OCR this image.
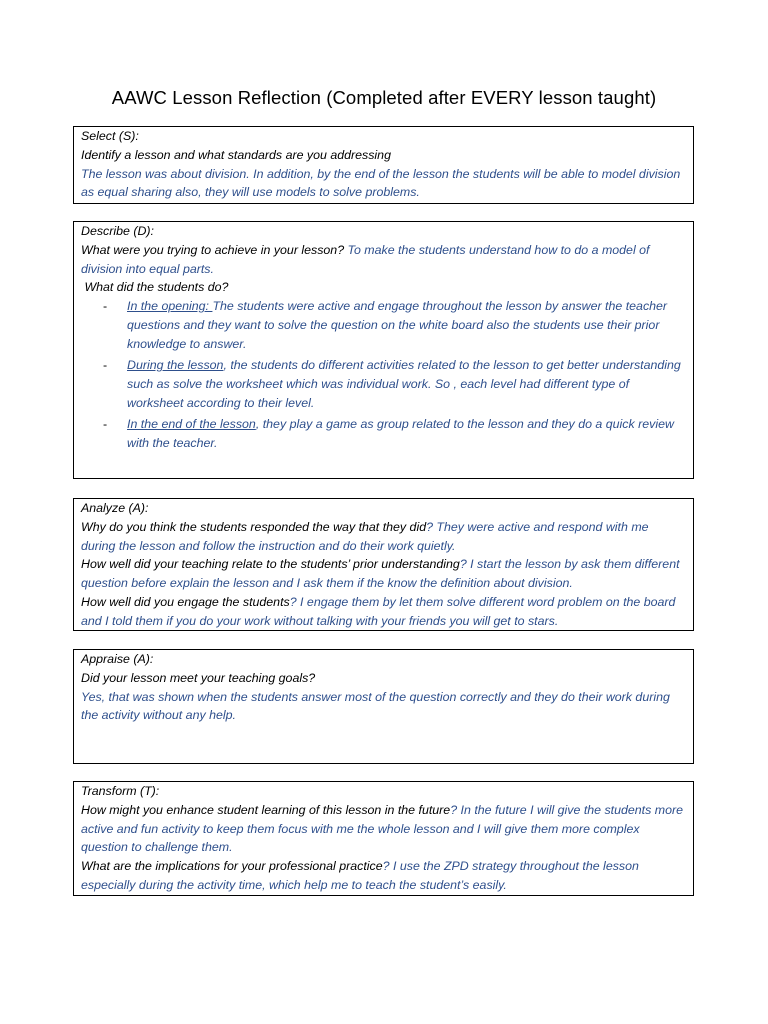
AAWC Lesson Reflection (Completed after EVERY lesson taught)

Select (S):

Identify a lesson and what standards are you addressing

The lesson was about division. In addition, by the end of the lesson the students will be able to model division as equal sharing also, they will use models to solve problems.

Describe (D):

What were you trying to achieve in your lesson? To make the students understand how to do a model of division into equal parts.

What did the students do?

- In the opening: The students were active and engage throughout the lesson by answer the teacher questions and they want to solve the question on the white board also the students use their prior knowledge to answer.
- During the lesson, the students do different activities related to the lesson to get better understanding such as solve the worksheet which was individual work. So , each level had different type of worksheet according to their level.
- In the end of the lesson, they play a game as group related to the lesson and they do a quick review with the teacher.

Analyze (A):

Why do you think the students responded the way that they did? They were active and respond with me during the lesson and follow the instruction and do their work quietly.

How well did your teaching relate to the students’ prior understanding? I start the lesson by ask them different question before explain the lesson and I ask them if the know the definition about division.

How well did you engage the students? I engage them by let them solve different word problem on the board and I told them if you do your work without talking with your friends you will get to stars.

Appraise (A):

Did your lesson meet your teaching goals?

Yes, that was shown when the students answer most of the question correctly and they do their work during the activity without any help.

Transform (T):

How might you enhance student learning of this lesson in the future? In the future I will give the students more active and fun activity to keep them focus with me the whole lesson and I will give them more complex question to challenge them.

What are the implications for your professional practice? I use the ZPD strategy throughout the lesson especially during the activity time, which help me to teach the student’s easily.
